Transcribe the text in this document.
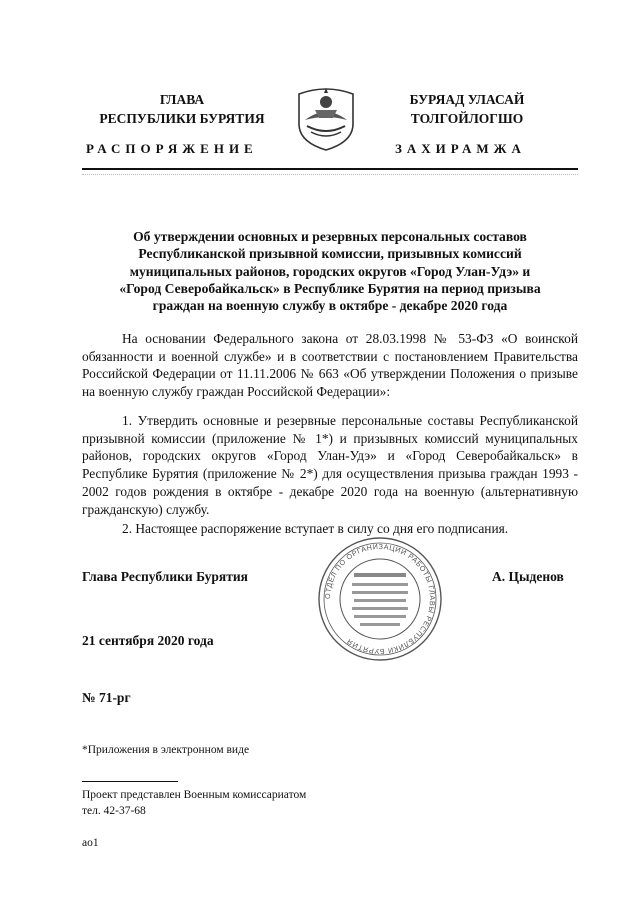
ГЛАВА
РЕСПУБЛИКИ БУРЯТИЯ
БУРЯАД УЛАСАЙ
ТОЛГОЙЛОГШО
РАСПОРЯЖЕНИЕ	ЗАХИРАМЖА
Об утверждении основных и резервных персональных составов
Республиканской призывной комиссии, призывных комиссий
муниципальных районов, городских округов «Город Улан-Удэ» и
«Город Северобайкальск» в Республике Бурятия на период призыва
граждан на военную службу в октябре - декабре 2020 года
На основании Федерального закона от 28.03.1998 № 53-ФЗ «О воинской обязанности и военной службе» и в соответствии с постановлением Правительства Российской Федерации от 11.11.2006 № 663 «Об утверждении Положения о призыве на военную службу граждан Российской Федерации»:
1. Утвердить основные и резервные персональные составы Республиканской призывной комиссии (приложение № 1*) и призывных комиссий муниципальных районов, городских округов «Город Улан-Удэ» и «Город Северобайкальск» в Республике Бурятия (приложение № 2*) для осуществления призыва граждан 1993 - 2002 годов рождения в октябре - декабре 2020 года на военную (альтернативную гражданскую) службу.
2. Настоящее распоряжение вступает в силу со дня его подписания.
Глава Республики Бурятия
ОТДЕЛ ПО ОРГАНИЗАЦИИ РАБОТЫ ГЛАВЫ РЕСПУБЛИКИ БУРЯТИЯ
А. Цыденов
21 сентября 2020 года
№ 71-рг
*Приложения в электронном виде
Проект представлен Военным комиссариатом
тел. 42-37-68
ao1
